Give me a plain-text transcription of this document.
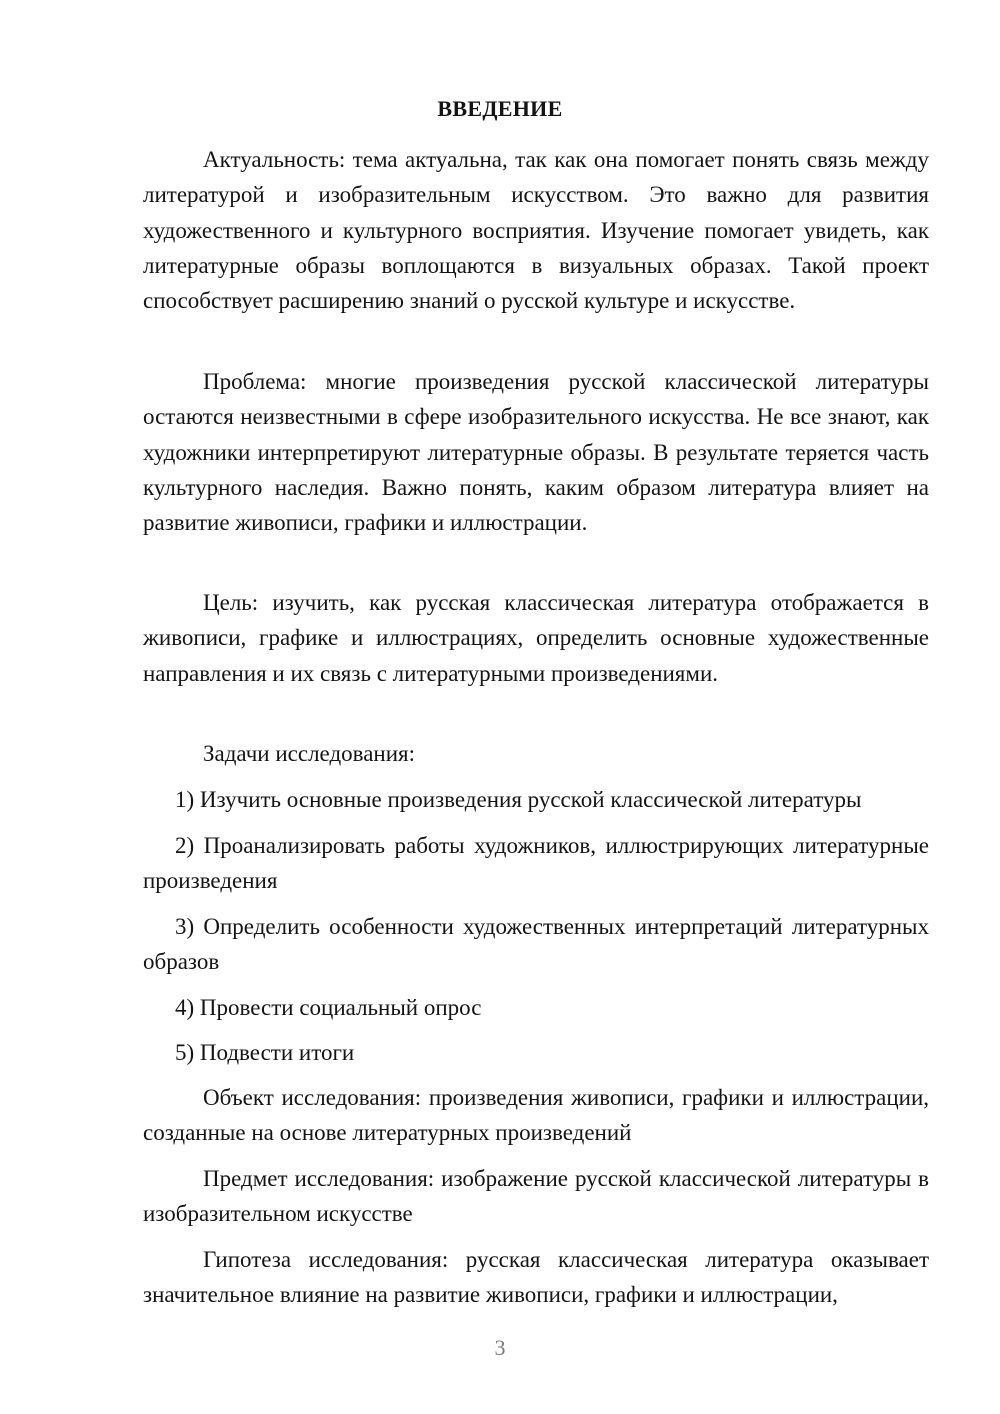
ВВЕДЕНИЕ
Актуальность: тема актуальна, так как она помогает понять связь между литературой и изобразительным искусством. Это важно для развития художественного и культурного восприятия. Изучение помогает увидеть, как литературные образы воплощаются в визуальных образах. Такой проект способствует расширению знаний о русской культуре и искусстве.
Проблема: многие произведения русской классической литературы остаются неизвестными в сфере изобразительного искусства. Не все знают, как художники интерпретируют литературные образы. В результате теряется часть культурного наследия. Важно понять, каким образом литература влияет на развитие живописи, графики и иллюстрации.
Цель: изучить, как русская классическая литература отображается в живописи, графике и иллюстрациях, определить основные художественные направления и их связь с литературными произведениями.
Задачи исследования:
1) Изучить основные произведения русской классической литературы
2) Проанализировать работы художников, иллюстрирующих литературные произведения
3) Определить особенности художественных интерпретаций литературных образов
4) Провести социальный опрос
5) Подвести итоги
Объект исследования: произведения живописи, графики и иллюстрации, созданные на основе литературных произведений
Предмет исследования: изображение русской классической литературы в изобразительном искусстве
Гипотеза исследования: русская классическая литература оказывает значительное влияние на развитие живописи, графики и иллюстрации,
3
